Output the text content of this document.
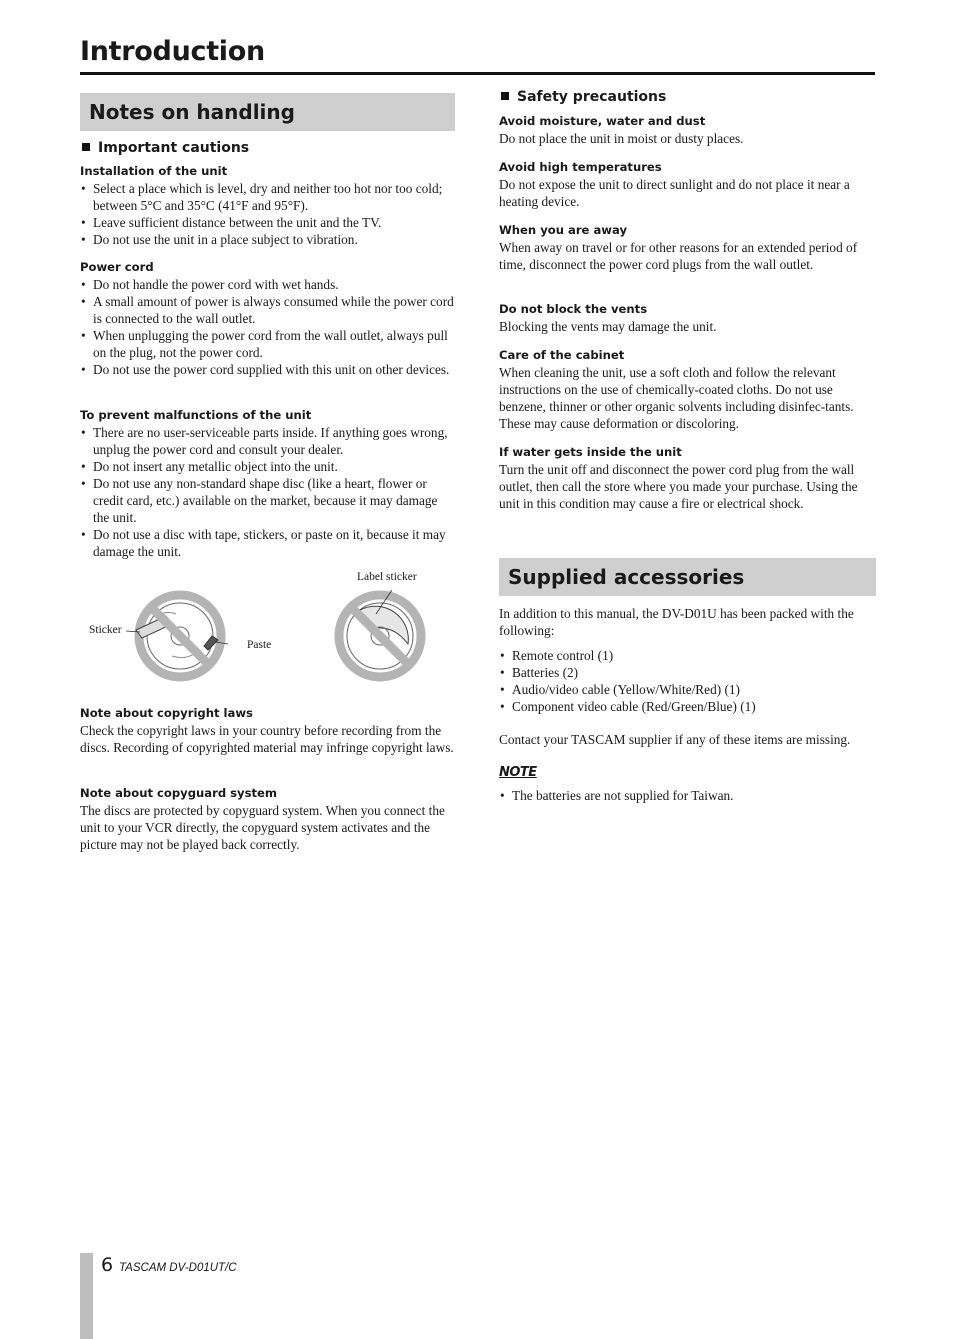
Introduction
Notes on handling
Important cautions
Installation of the unit
• Select a place which is level, dry and neither too hot nor too cold; between 5°C and 35°C (41°F and 95°F).
• Leave sufficient distance between the unit and the TV.
• Do not use the unit in a place subject to vibration.
Power cord
• Do not handle the power cord with wet hands.
• A small amount of power is always consumed while the power cord is connected to the wall outlet.
• When unplugging the power cord from the wall outlet, always pull on the plug, not the power cord.
• Do not use the power cord supplied with this unit on other devices.
To prevent malfunctions of the unit
• There are no user-serviceable parts inside. If anything goes wrong, unplug the power cord and consult your dealer.
• Do not insert any metallic object into the unit.
• Do not use any non-standard shape disc (like a heart, flower or credit card, etc.) available on the market, because it may damage the unit.
• Do not use a disc with tape, stickers, or paste on it, because it may damage the unit.
Sticker
Paste
Label sticker
Note about copyright laws
Check the copyright laws in your country before recording from the discs. Recording of copyrighted material may infringe copyright laws.
Note about copyguard system
The discs are protected by copyguard system. When you connect the unit to your VCR directly, the copyguard system activates and the picture may not be played back correctly.
Safety precautions
Avoid moisture, water and dust
Do not place the unit in moist or dusty places.
Avoid high temperatures
Do not expose the unit to direct sunlight and do not place it near a heating device.
When you are away
When away on travel or for other reasons for an extended period of time, disconnect the power cord plugs from the wall outlet.
Do not block the vents
Blocking the vents may damage the unit.
Care of the cabinet
When cleaning the unit, use a soft cloth and follow the relevant instructions on the use of chemically-coated cloths. Do not use benzene, thinner or other organic solvents including disinfec-tants. These may cause deformation or discoloring.
If water gets inside the unit
Turn the unit off and disconnect the power cord plug from the wall outlet, then call the store where you made your purchase. Using the unit in this condition may cause a fire or electrical shock.
Supplied accessories
In addition to this manual, the DV-D01U has been packed with the following:
• Remote control (1)
• Batteries (2)
• Audio/video cable (Yellow/White/Red) (1)
• Component video cable (Red/Green/Blue) (1)
Contact your TASCAM supplier if any of these items are missing.
NOTE
• The batteries are not supplied for Taiwan.
6 TASCAM DV-D01UT/C
